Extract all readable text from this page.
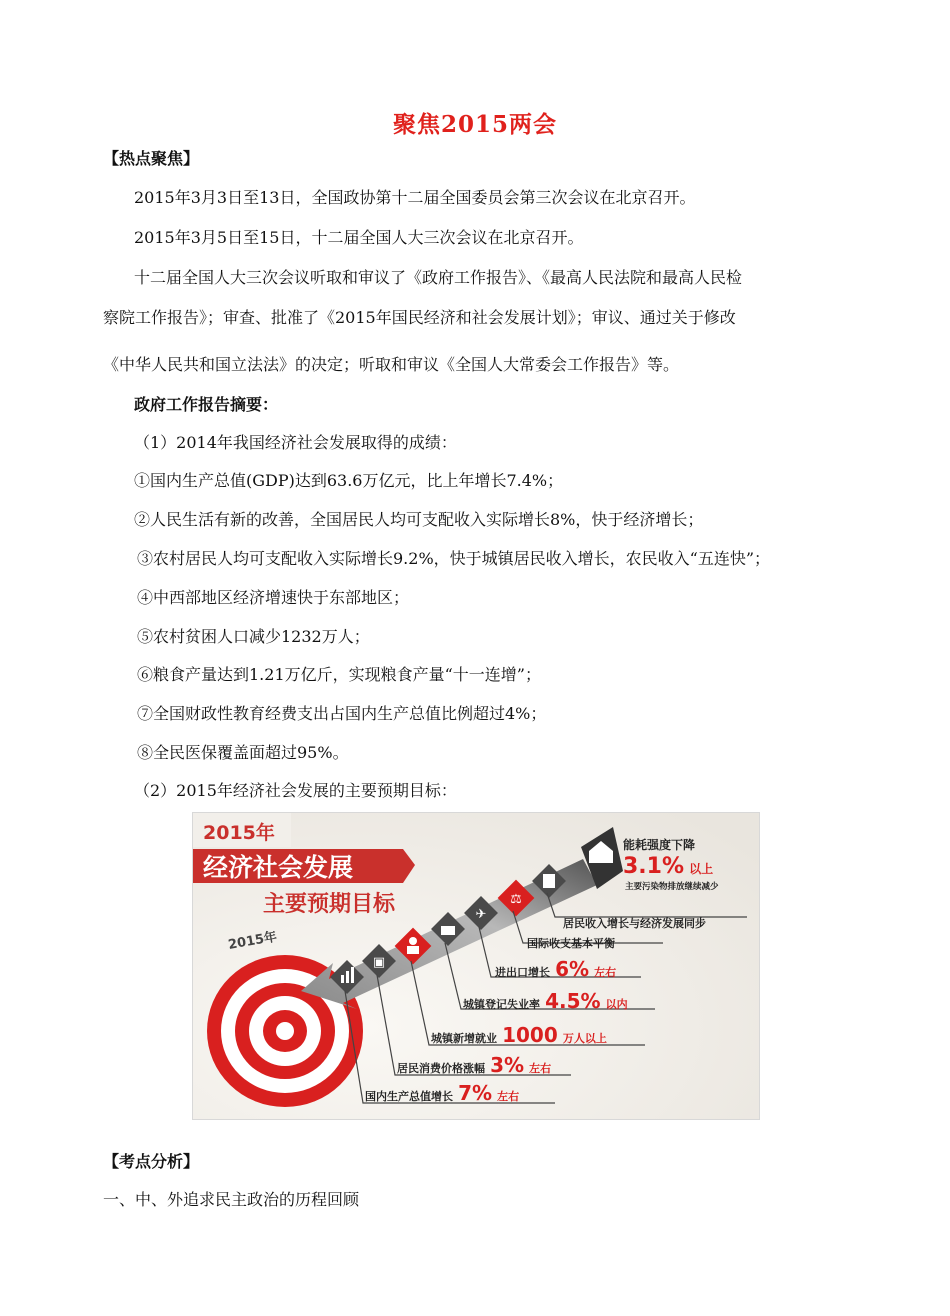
聚焦2015两会
【热点聚焦】
2015年3月3日至13日，全国政协第十二届全国委员会第三次会议在北京召开。
2015年3月5日至15日，十二届全国人大三次会议在北京召开。
十二届全国人大三次会议听取和审议了《政府工作报告》、《最高人民法院和最高人民检
察院工作报告》；审查、批准了《2015年国民经济和社会发展计划》；审议、通过关于修改
《中华人民共和国立法法》的决定；听取和审议《全国人大常委会工作报告》等。
政府工作报告摘要：
（1）2014年我国经济社会发展取得的成绩：
①国内生产总值(GDP)达到63.6万亿元，比上年增长7.4%；
②人民生活有新的改善，全国居民人均可支配收入实际增长8%，快于经济增长；
③农村居民人均可支配收入实际增长9.2%，快于城镇居民收入增长，农民收入“五连快”；
④中西部地区经济增速快于东部地区；
⑤农村贫困人口减少1232万人；
⑥粮食产量达到1.21万亿斤，实现粮食产量“十一连增”；
⑦全国财政性教育经费支出占国内生产总值比例超过4%；
⑧全民医保覆盖面超过95%。
（2）2015年经济社会发展的主要预期目标：
2015年
经济社会发展
主要预期目标
2015年
▣
✈
⚖
能耗强度下降
3.1% 以上
主要污染物排放继续减少
居民收入增长与经济发展同步
国际收支基本平衡
进出口增长 6% 左右
城镇登记失业率 4.5% 以内
城镇新增就业 1000 万人以上
居民消费价格涨幅 3% 左右
国内生产总值增长 7% 左右
【考点分析】
一、中、外追求民主政治的历程回顾
